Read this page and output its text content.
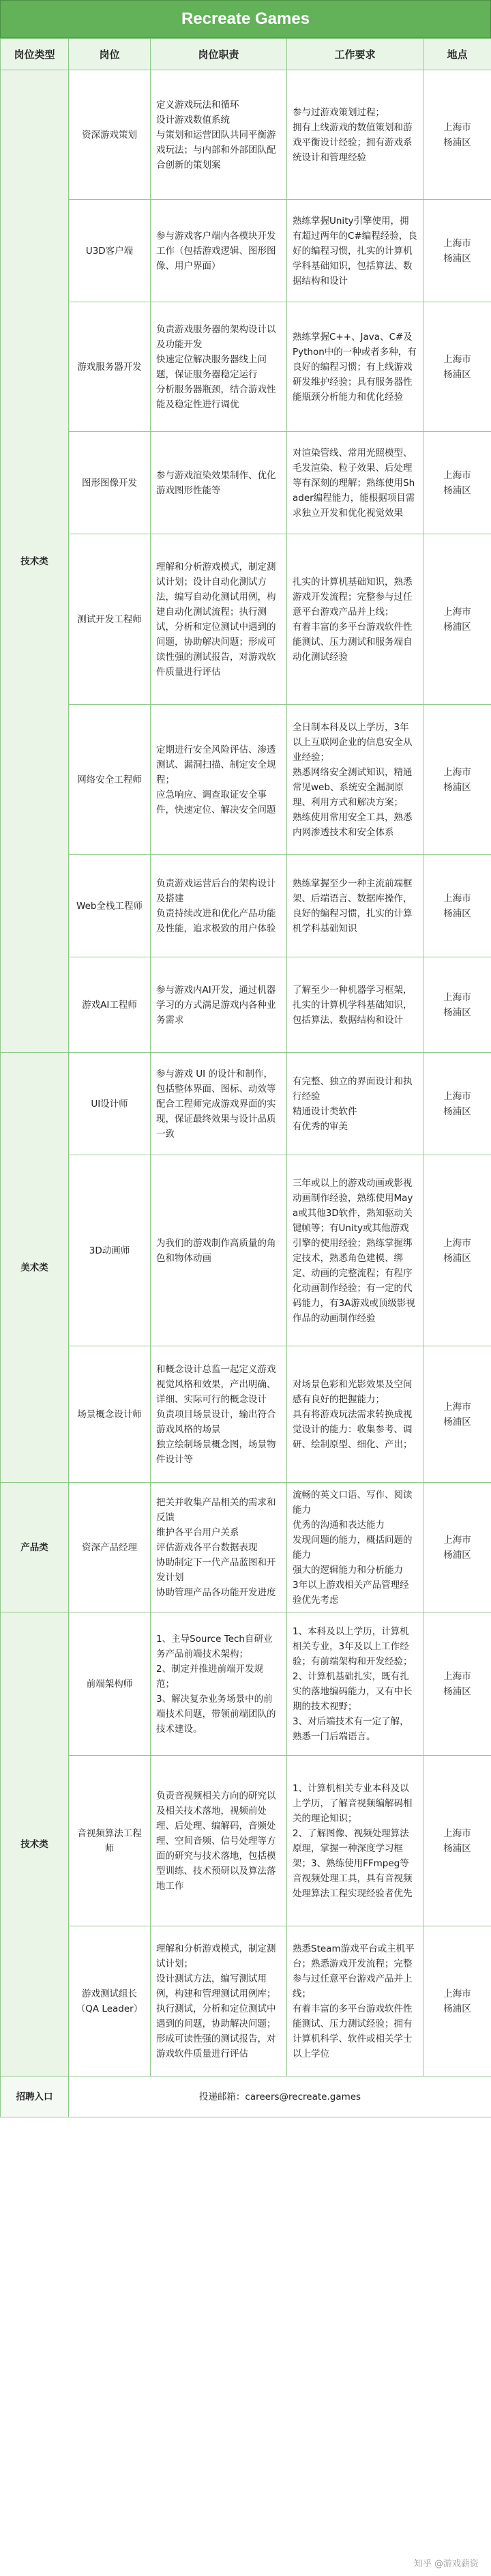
Recreate Games
岗位类型	岗位	岗位职责	工作要求	地点
技术类	资深游戏策划	定义游戏玩法和循环
设计游戏数值系统
与策划和运营团队共同平衡游戏玩法；与内部和外部团队配合创新的策划案	参与过游戏策划过程；
拥有上线游戏的数值策划和游戏平衡设计经验；拥有游戏系统设计和管理经验	上海市
杨浦区
	U3D客户端	参与游戏客户端内各模块开发工作（包括游戏逻辑、图形图像、用户界面）	熟练掌握Unity引擎使用，拥有超过两年的C#编程经验，良好的编程习惯，扎实的计算机学科基础知识，包括算法、数据结构和设计	上海市
杨浦区
	游戏服务器开发	负责游戏服务器的架构设计以及功能开发
快速定位解决服务器线上问题，保证服务器稳定运行
分析服务器瓶颈，结合游戏性能及稳定性进行调优	熟练掌握C++、Java、C#及Python中的一种或者多种，有良好的编程习惯；有上线游戏研发维护经验；具有服务器性能瓶颈分析能力和优化经验	上海市
杨浦区
	图形图像开发	参与游戏渲染效果制作、优化游戏图形性能等	对渲染管线、常用光照模型、毛发渲染、粒子效果、后处理等有深刻的理解；熟练使用Shader编程能力，能根据项目需求独立开发和优化视觉效果	上海市
杨浦区
	测试开发工程师	理解和分析游戏模式，制定测试计划；设计自动化测试方法，编写自动化测试用例，构建自动化测试流程；执行测试，分析和定位测试中遇到的问题，协助解决问题；形成可读性强的测试报告，对游戏软件质量进行评估	扎实的计算机基础知识，熟悉游戏开发流程；完整参与过任意平台游戏产品并上线；
有着丰富的多平台游戏软件性能测试、压力测试和服务端自动化测试经验	上海市
杨浦区
	网络安全工程师	定期进行安全风险评估、渗透测试、漏洞扫描、制定安全规程；
应急响应、调查取证安全事件，快速定位、解决安全问题	全日制本科及以上学历，3年以上互联网企业的信息安全从业经验；
熟悉网络安全测试知识，精通常见web、系统安全漏洞原理、利用方式和解决方案；
熟练使用常用安全工具，熟悉内网渗透技术和安全体系	上海市
杨浦区
	Web全栈工程师	负责游戏运营后台的架构设计及搭建
负责持续改进和优化产品功能及性能，追求极致的用户体验	熟练掌握至少一种主流前端框架、后端语言、数据库操作，良好的编程习惯，扎实的计算机学科基础知识	上海市
杨浦区
	游戏AI工程师	参与游戏内AI开发，通过机器学习的方式满足游戏内各种业务需求	了解至少一种机器学习框架，扎实的计算机学科基础知识，包括算法、数据结构和设计	上海市
杨浦区
美术类	UI设计师	参与游戏 UI 的设计和制作，包括整体界面、图标、动效等
配合工程师完成游戏界面的实现，保证最终效果与设计品质一致	有完整、独立的界面设计和执行经验
精通设计类软件
有优秀的审美	上海市
杨浦区
	3D动画师	为我们的游戏制作高质量的角色和物体动画	三年或以上的游戏动画或影视动画制作经验，熟练使用Maya或其他3D软件，熟知驱动关键帧等；有Unity或其他游戏引擎的使用经验；熟练掌握绑定技术，熟悉角色建模、绑定、动画的完整流程；有程序化动画制作经验；有一定的代码能力，有3A游戏或顶级影视作品的动画制作经验	上海市
杨浦区
	场景概念设计师	和概念设计总监一起定义游戏视觉风格和效果，产出明确、详细、实际可行的概念设计
负责项目场景设计，输出符合游戏风格的场景
独立绘制场景概念图，场景物件设计等	对场景色彩和光影效果及空间感有良好的把握能力；
具有将游戏玩法需求转换成视觉设计的能力：收集参考、调研、绘制原型、细化、产出；	上海市
杨浦区
产品类	资深产品经理	把关并收集产品相关的需求和反馈
维护各平台用户关系
评估游戏各平台数据表现
协助制定下一代产品蓝图和开发计划
协助管理产品各功能开发进度	流畅的英文口语、写作、阅读能力
优秀的沟通和表达能力
发现问题的能力，概括问题的能力
强大的逻辑能力和分析能力
3年以上游戏相关产品管理经验优先考虑	上海市
杨浦区
技术类	前端架构师	1、主导Source Tech自研业务产品前端技术架构；
2、制定并推进前端开发规范；
3、解决复杂业务场景中的前端技术问题，带领前端团队的技术建设。	1、本科及以上学历，计算机相关专业，3年及以上工作经验；有前端架构和开发经验；
2、计算机基础扎实，既有扎实的落地编码能力，又有中长期的技术视野；
3、对后端技术有一定了解，熟悉一门后端语言。	上海市
杨浦区
	音视频算法工程师	负责音视频相关方向的研究以及相关技术落地，视频前处理、后处理、编解码，音频处理、空间音频、信号处理等方面的研究与技术落地，包括模型训练、技术预研以及算法落地工作	1、计算机相关专业本科及以上学历，了解音视频编解码相关的理论知识；
2、了解图像、视频处理算法原理，掌握一种深度学习框架；3、熟练使用FFmpeg等音视频处理工具，具有音视频处理算法工程实现经验者优先	上海市
杨浦区
	游戏测试组长（QA Leader）	理解和分析游戏模式，制定测试计划；
设计测试方法，编写测试用例，构建和管理测试用例库；执行测试，分析和定位测试中遇到的问题，协助解决问题；
形成可读性强的测试报告，对游戏软件质量进行评估	熟悉Steam游戏平台或主机平台；熟悉游戏开发流程；完整参与过任意平台游戏产品并上线；
有着丰富的多平台游戏软件性能测试、压力测试经验；拥有计算机科学、软件或相关学士以上学位	上海市
杨浦区
招聘入口	投递邮箱：careers@recreate.games			
知乎 @游戏薪资
